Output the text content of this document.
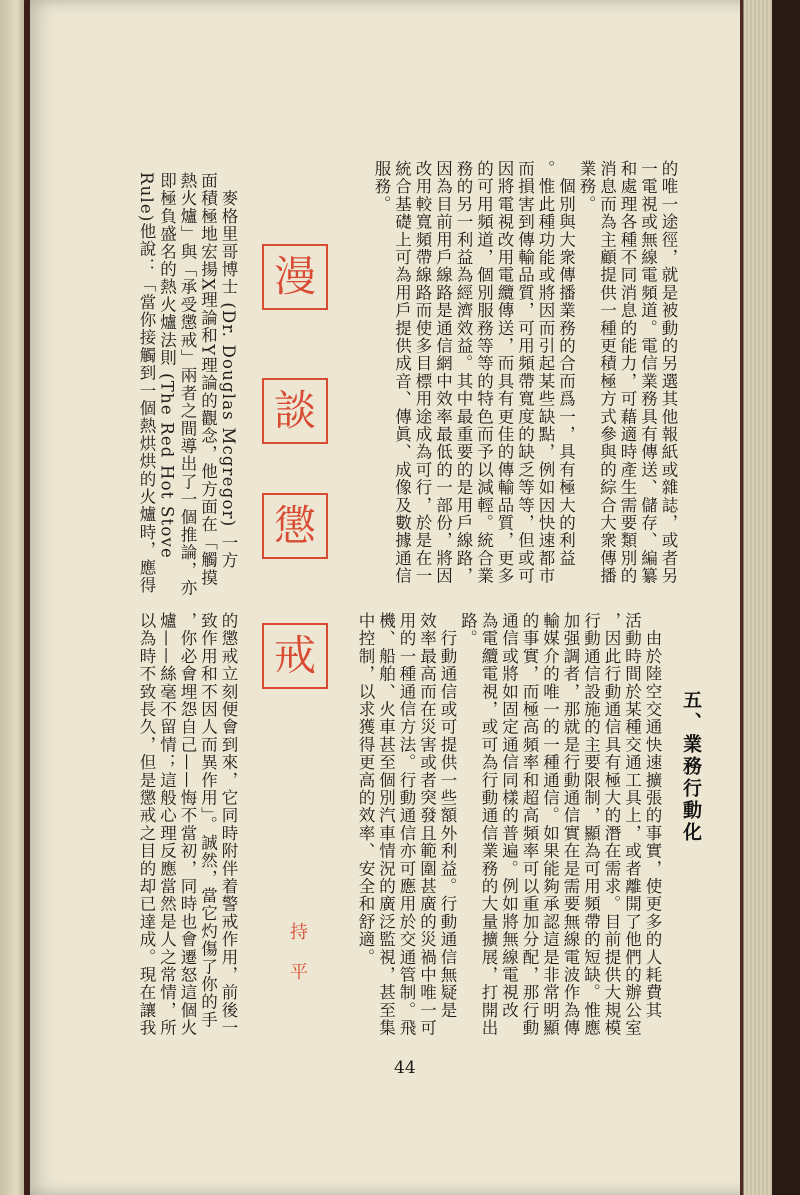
的唯一途徑，就是被動的另選其他報紙或雜誌，或者另
一電視或無線電頻道。電信業務具有傳送、儲存、編纂
和處理各種不同消息的能力，可藉適時產生需要類別的
消息而為主顧提供一種更積極方式參與的綜合大衆傳播
業務。
　個別與大衆傳播業務的合而爲一，具有極大的利益
。惟此種功能或將因而引起某些缺點，例如因快速都市
而損害到傳輸品質，可用頻帶寬度的缺乏等等，但或可
因將電視改用電纜傳送，而具有更佳的傳輸品質，更多
的可用頻道，個別服務等等的特色而予以減輕。統合業
務的另一利益為經濟效益。其中最重要的是用戶線路，
因為目前用戶線路是通信網中效率最低的一部份，將因
改用較寬頻帶線路而使多目標用途成為可行，於是在一
統合基礎上可為用戶提供成音、傳眞、成像及數據通信
服務。
五、業務行動化
　由於陸空交通快速擴張的事實，使更多的人耗費其
活動時間於某種交通工具上，或者離開了他們的辦公室
，因此行動通信具有極大的潛在需求。目前提供大規模
行動通信設施的主要限制，顯為可用頻帶的短缺。惟應
加强調者，那就是行動通信實在是需要無線電波作為傳
輸媒介的唯一的一種通信。如果能夠承認這是非常明顯
的事實，而極高頻率和超高頻率可以重加分配，那行動
通信或將如固定通信同樣的普遍。例如將無線電視改
為電纜電視，或可為行動通信業務的大量擴展，打開出
路。
　行動通信或可提供一些額外利益。行動通信無疑是
效率最高而在災害或者突發且範圍甚廣的災禍中唯一可
用的一種通信方法。行動通信亦可應用於交通管制。飛
機、船舶、火車甚至個別汽車情況的廣泛監視，甚至集
中控制，以求獲得更高的效率、安全和舒適。
漫
談
懲
戒
持平
　麥格里哥博士 (Dr. Douglas Mcgregor) 一方
面積極地宏揚X理論和Y理論的觀念，他方面在「觸摸
熱火爐」與「承受懲戒」兩者之間導出了一個推論，亦
即極負盛名的熱火爐法則 (The Red Hot Stove
Rule)他說：「當你接觸到一個熱烘烘的火爐時，應得
的懲戒立刻便會到來，它同時附伴着警戒作用，前後一
致作用和不因人而異作用」。誠然，當它灼傷了你的手
，你必會埋怨自己——悔不當初，同時也會遷怒這個火
爐——絲毫不留情；這般心理反應當然是人之常情，所
以為時不致長久，但是懲戒之目的却已達成。現在讓我
44
